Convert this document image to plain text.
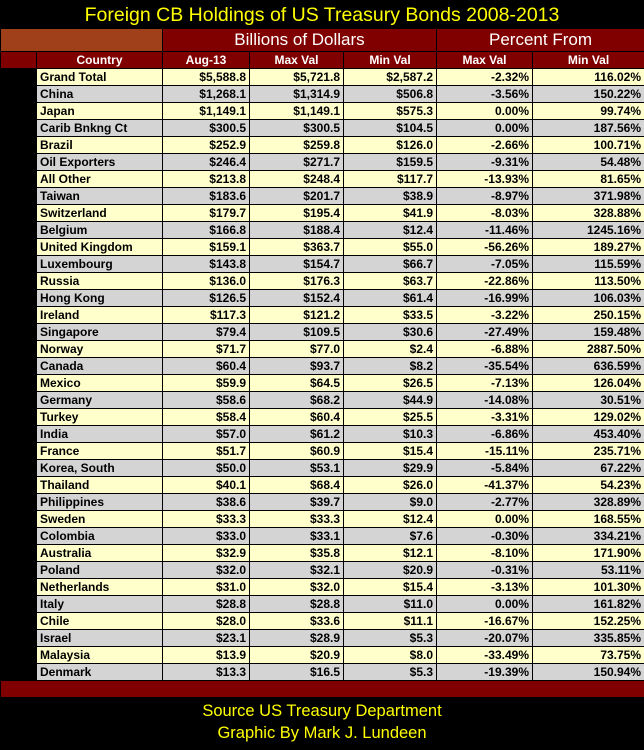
Foreign CB Holdings of US Treasury Bonds 2008-2013
		Billions of Dollars			Percent From	
	Country	Aug-13	Max Val	Min Val	Max Val	Min Val
1	Grand Total	$5,588.8	$5,721.8	$2,587.2	-2.32%	116.02%
2	China	$1,268.1	$1,314.9	$506.8	-3.56%	150.22%
3	Japan	$1,149.1	$1,149.1	$575.3	0.00%	99.74%
4	Carib Bnkng Ct	$300.5	$300.5	$104.5	0.00%	187.56%
5	Brazil	$252.9	$259.8	$126.0	-2.66%	100.71%
6	Oil Exporters	$246.4	$271.7	$159.5	-9.31%	54.48%
7	All Other	$213.8	$248.4	$117.7	-13.93%	81.65%
8	Taiwan	$183.6	$201.7	$38.9	-8.97%	371.98%
9	Switzerland	$179.7	$195.4	$41.9	-8.03%	328.88%
10	Belgium	$166.8	$188.4	$12.4	-11.46%	1245.16%
11	United Kingdom	$159.1	$363.7	$55.0	-56.26%	189.27%
12	Luxembourg	$143.8	$154.7	$66.7	-7.05%	115.59%
13	Russia	$136.0	$176.3	$63.7	-22.86%	113.50%
14	Hong Kong	$126.5	$152.4	$61.4	-16.99%	106.03%
15	Ireland	$117.3	$121.2	$33.5	-3.22%	250.15%
16	Singapore	$79.4	$109.5	$30.6	-27.49%	159.48%
17	Norway	$71.7	$77.0	$2.4	-6.88%	2887.50%
18	Canada	$60.4	$93.7	$8.2	-35.54%	636.59%
19	Mexico	$59.9	$64.5	$26.5	-7.13%	126.04%
20	Germany	$58.6	$68.2	$44.9	-14.08%	30.51%
21	Turkey	$58.4	$60.4	$25.5	-3.31%	129.02%
22	India	$57.0	$61.2	$10.3	-6.86%	453.40%
23	France	$51.7	$60.9	$15.4	-15.11%	235.71%
24	Korea, South	$50.0	$53.1	$29.9	-5.84%	67.22%
25	Thailand	$40.1	$68.4	$26.0	-41.37%	54.23%
26	Philippines	$38.6	$39.7	$9.0	-2.77%	328.89%
27	Sweden	$33.3	$33.3	$12.4	0.00%	168.55%
28	Colombia	$33.0	$33.1	$7.6	-0.30%	334.21%
29	Australia	$32.9	$35.8	$12.1	-8.10%	171.90%
30	Poland	$32.0	$32.1	$20.9	-0.31%	53.11%
31	Netherlands	$31.0	$32.0	$15.4	-3.13%	101.30%
32	Italy	$28.8	$28.8	$11.0	0.00%	161.82%
33	Chile	$28.0	$33.6	$11.1	-16.67%	152.25%
34	Israel	$23.1	$28.9	$5.3	-20.07%	335.85%
35	Malaysia	$13.9	$20.9	$8.0	-33.49%	73.75%
36	Denmark	$13.3	$16.5	$5.3	-19.39%	150.94%

Source US Treasury Department
Graphic By Mark J. Lundeen
